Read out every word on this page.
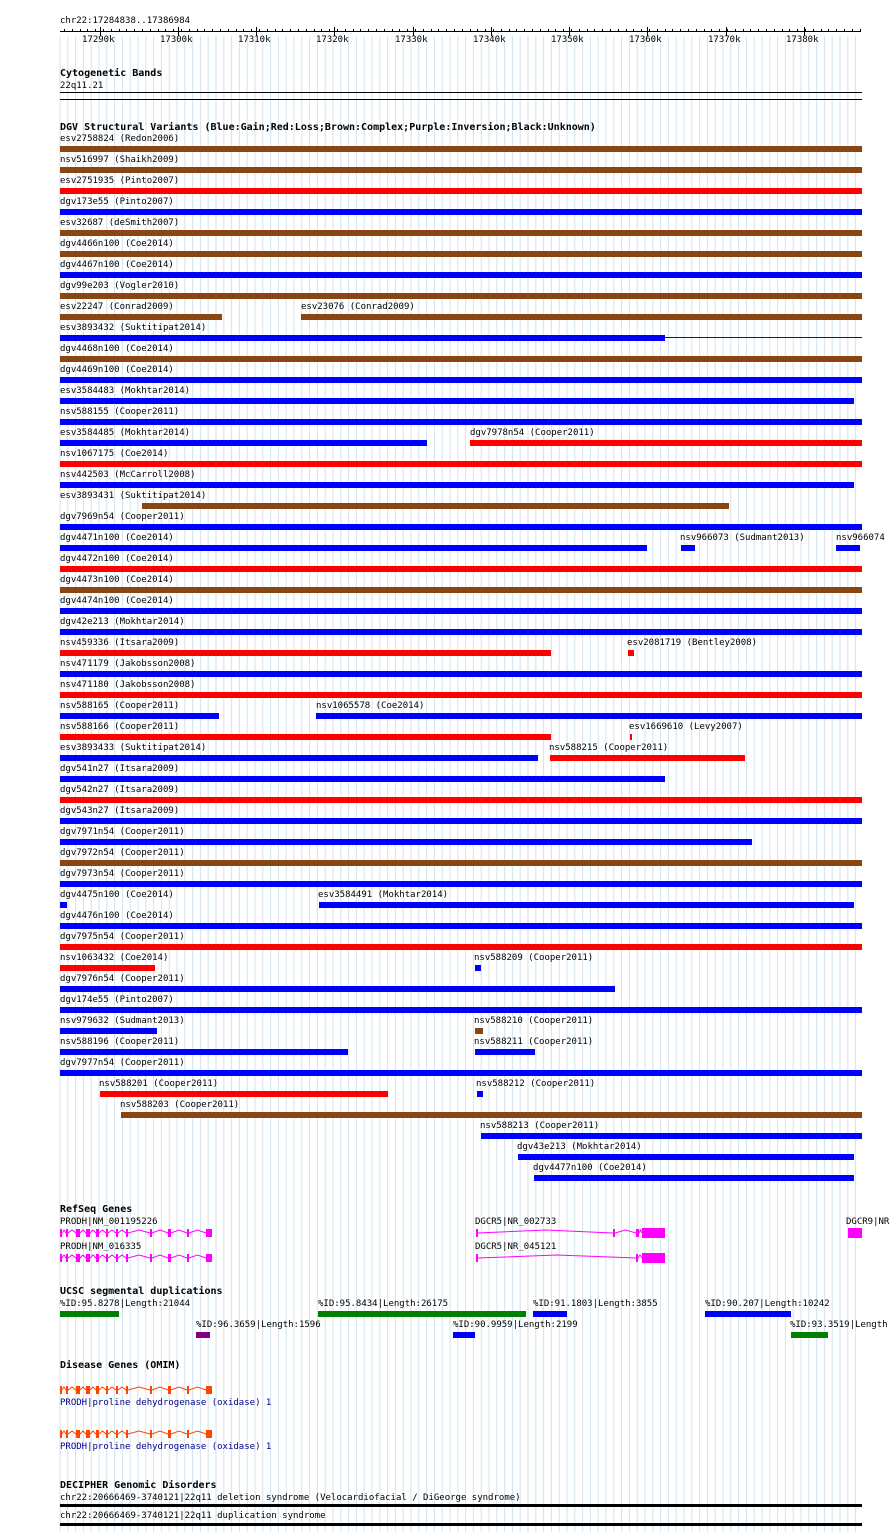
chr22:17284838..17386984
17290k	17300k	17310k	17320k	17330k	17340k	17350k	17360k	17370k	17380k
Cytogenetic Bands
22q11.21
DGV Structural Variants (Blue:Gain;Red:Loss;Brown:Complex;Purple:Inversion;Black:Unknown)
esv2758824 (Redon2006)
nsv516997 (Shaikh2009)
esv2751935 (Pinto2007)
dgv173e55 (Pinto2007)
esv32687 (deSmith2007)
dgv4466n100 (Coe2014)
dgv4467n100 (Coe2014)
dgv99e203 (Vogler2010)
esv22247 (Conrad2009)	esv23076 (Conrad2009)
esv3893432 (Suktitipat2014)
dgv4468n100 (Coe2014)
dgv4469n100 (Coe2014)
esv3584483 (Mokhtar2014)
nsv588155 (Cooper2011)
esv3584485 (Mokhtar2014)	dgv7978n54 (Cooper2011)
nsv1067175 (Coe2014)
nsv442503 (McCarroll2008)
esv3893431 (Suktitipat2014)
dgv7969n54 (Cooper2011)
dgv4471n100 (Coe2014)	nsv966073 (Sudmant2013)	nsv966074
dgv4472n100 (Coe2014)
dgv4473n100 (Coe2014)
dgv4474n100 (Coe2014)
dgv42e213 (Mokhtar2014)
nsv459336 (Itsara2009)	esv2081719 (Bentley2008)
nsv471179 (Jakobsson2008)
nsv471180 (Jakobsson2008)
nsv588165 (Cooper2011)	nsv1065578 (Coe2014)
nsv588166 (Cooper2011)	esv1669610 (Levy2007)
esv3893433 (Suktitipat2014)	nsv588215 (Cooper2011)
dgv541n27 (Itsara2009)
dgv542n27 (Itsara2009)
dgv543n27 (Itsara2009)
dgv7971n54 (Cooper2011)
dgv7972n54 (Cooper2011)
dgv7973n54 (Cooper2011)
dgv4475n100 (Coe2014)	esv3584491 (Mokhtar2014)
dgv4476n100 (Coe2014)
dgv7975n54 (Cooper2011)
nsv1063432 (Coe2014)	nsv588209 (Cooper2011)
dgv7976n54 (Cooper2011)
dgv174e55 (Pinto2007)
nsv979632 (Sudmant2013)	nsv588210 (Cooper2011)
nsv588196 (Cooper2011)	nsv588211 (Cooper2011)
dgv7977n54 (Cooper2011)
nsv588201 (Cooper2011)	nsv588212 (Cooper2011)
nsv588203 (Cooper2011)
nsv588213 (Cooper2011)
dgv43e213 (Mokhtar2014)
dgv4477n100 (Coe2014)
RefSeq Genes
PRODH|NM_001195226
PRODH|NM_016335
DGCR5|NR_002733
DGCR5|NR_045121
DGCR9|NR
UCSC segmental duplications
%ID:95.8278|Length:21044
%ID:96.3659|Length:1596
%ID:95.8434|Length:26175
%ID:90.9959|Length:2199
%ID:91.1803|Length:3855	%ID:90.207|Length:10242
%ID:93.3519|Length
Disease Genes (OMIM)
PRODH|proline dehydrogenase (oxidase) 1
PRODH|proline dehydrogenase (oxidase) 1
DECIPHER Genomic Disorders
chr22:20666469-3740121|22q11 deletion syndrome (Velocardiofacial / DiGeorge syndrome)
chr22:20666469-3740121|22q11 duplication syndrome
